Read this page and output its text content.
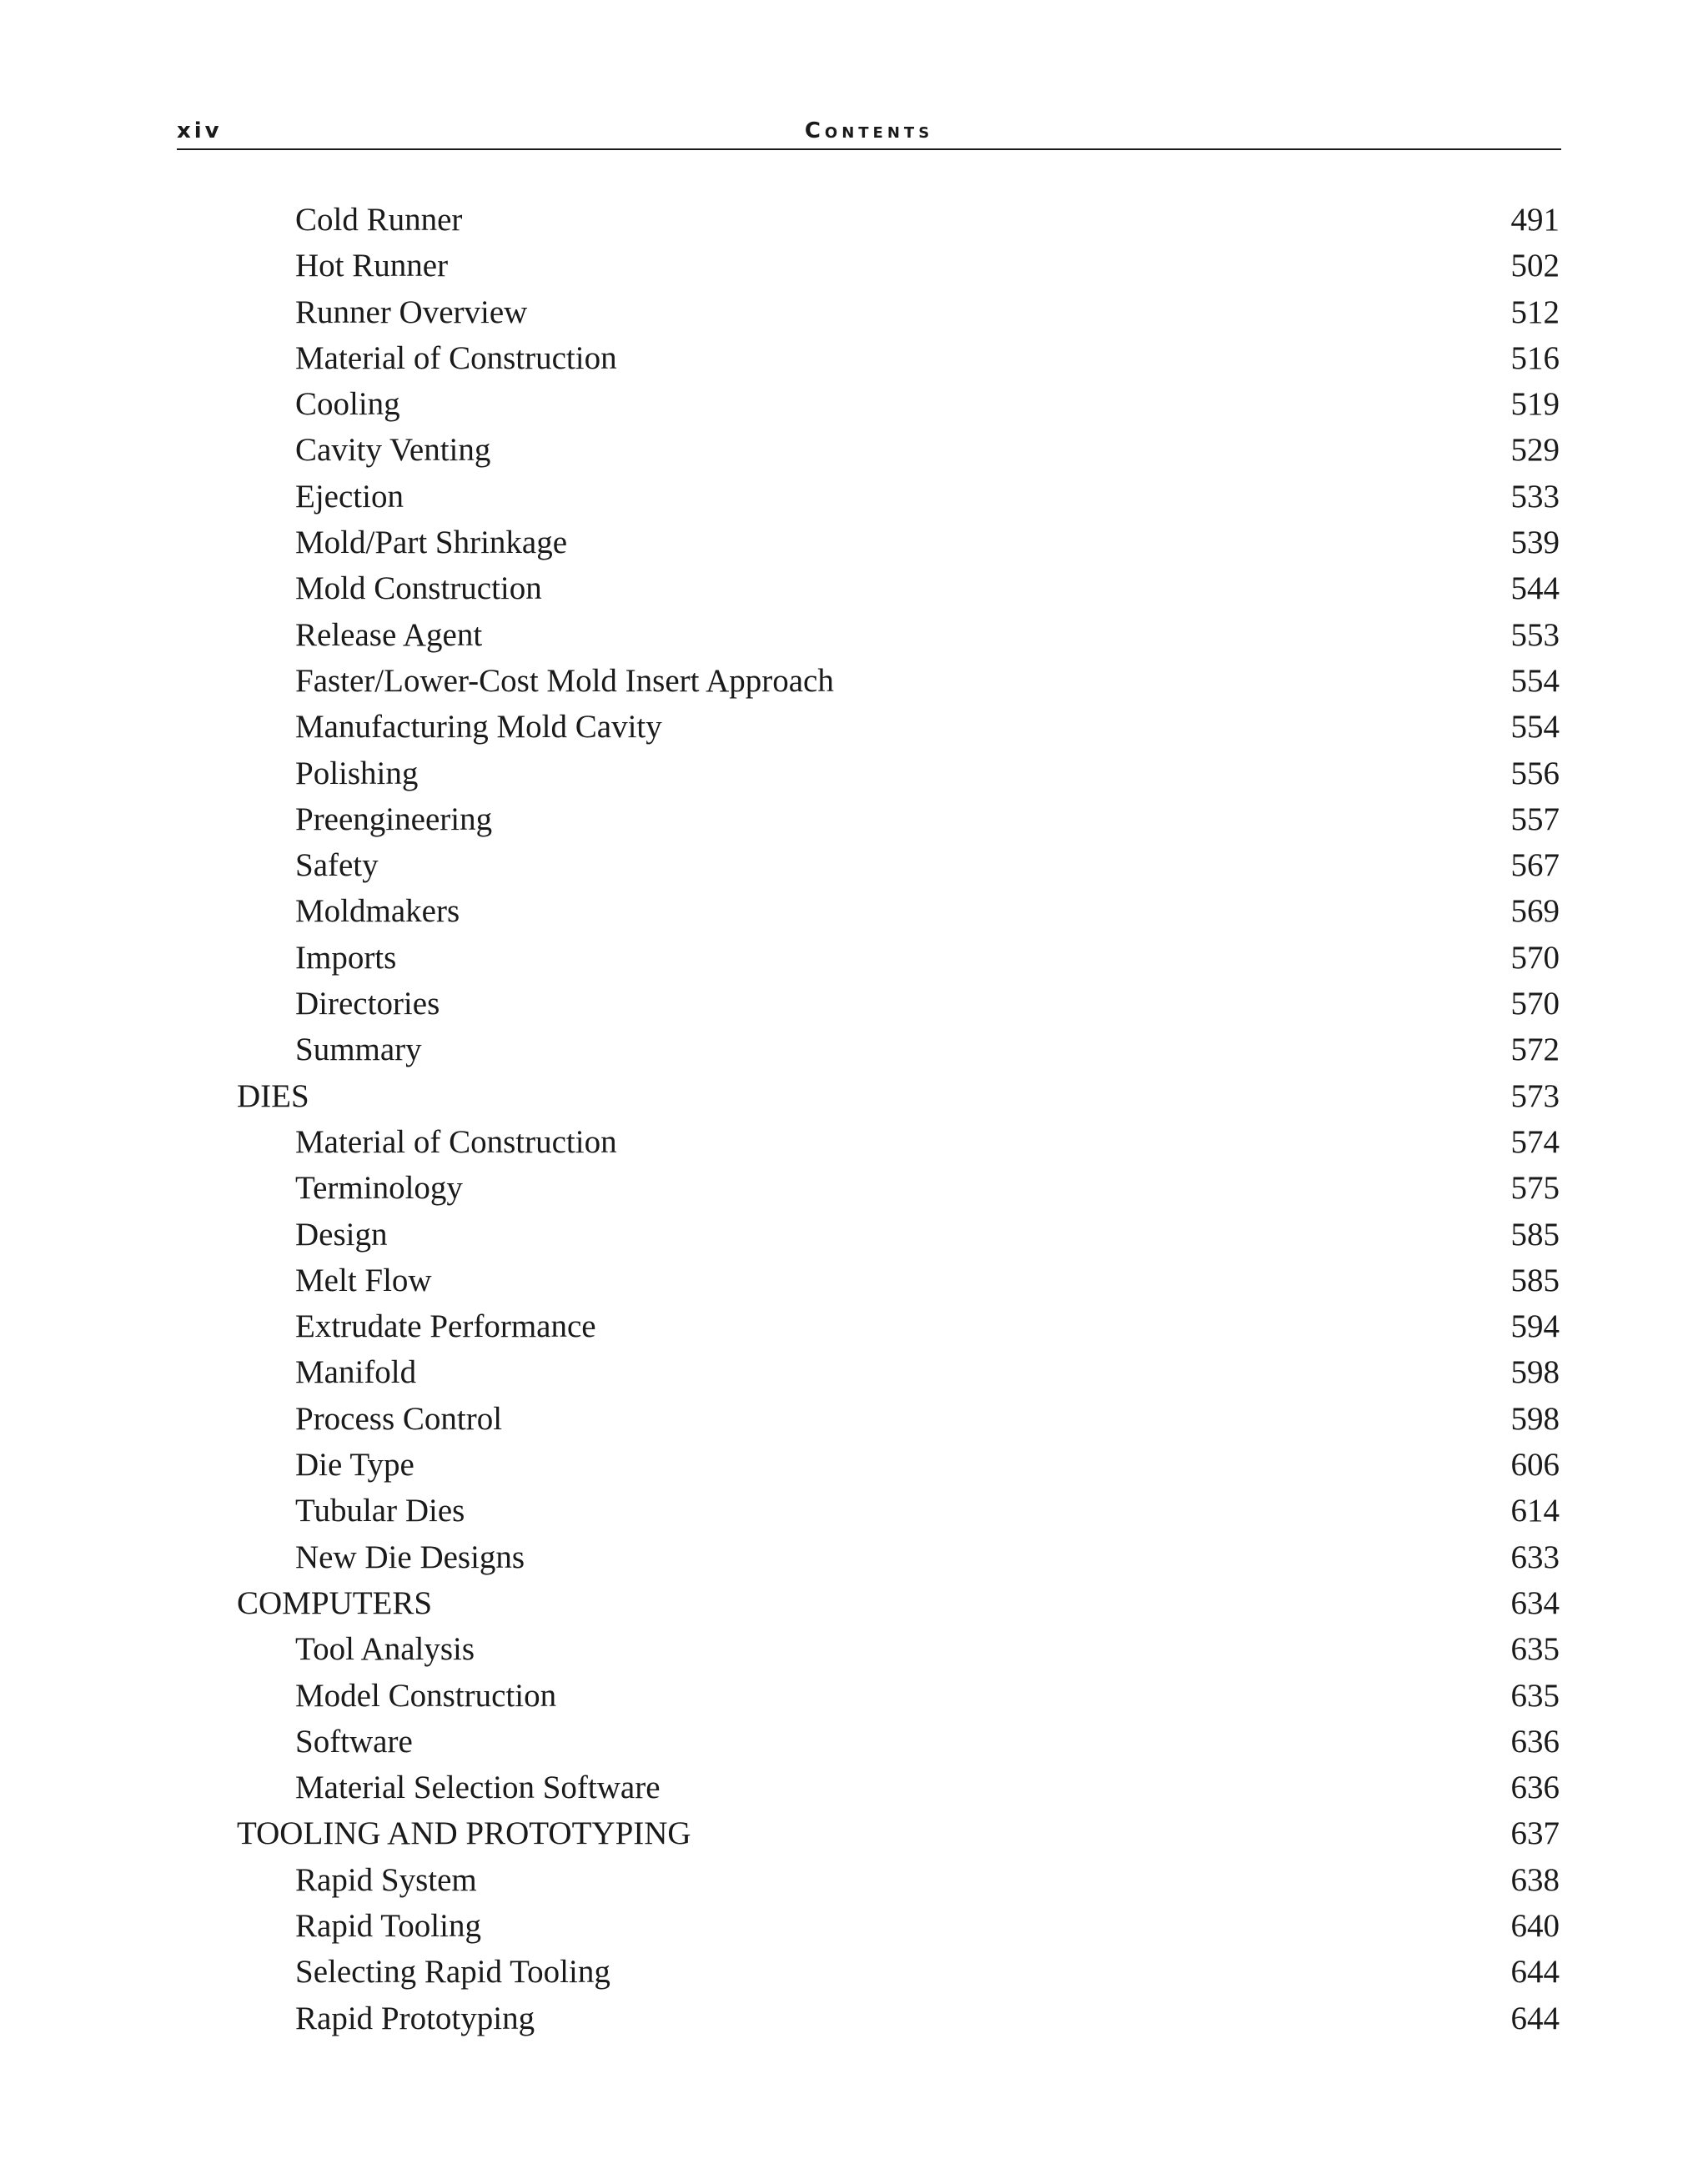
xiv	Contents
Cold Runner	491
Hot Runner	502
Runner Overview	512
Material of Construction	516
Cooling	519
Cavity Venting	529
Ejection	533
Mold/Part Shrinkage	539
Mold Construction	544
Release Agent	553
Faster/Lower-Cost Mold Insert Approach	554
Manufacturing Mold Cavity	554
Polishing	556
Preengineering	557
Safety	567
Moldmakers	569
Imports	570
Directories	570
Summary	572
DIES	573
Material of Construction	574
Terminology	575
Design	585
Melt Flow	585
Extrudate Performance	594
Manifold	598
Process Control	598
Die Type	606
Tubular Dies	614
New Die Designs	633
COMPUTERS	634
Tool Analysis	635
Model Construction	635
Software	636
Material Selection Software	636
TOOLING AND PROTOTYPING	637
Rapid System	638
Rapid Tooling	640
Selecting Rapid Tooling	644
Rapid Prototyping	644
